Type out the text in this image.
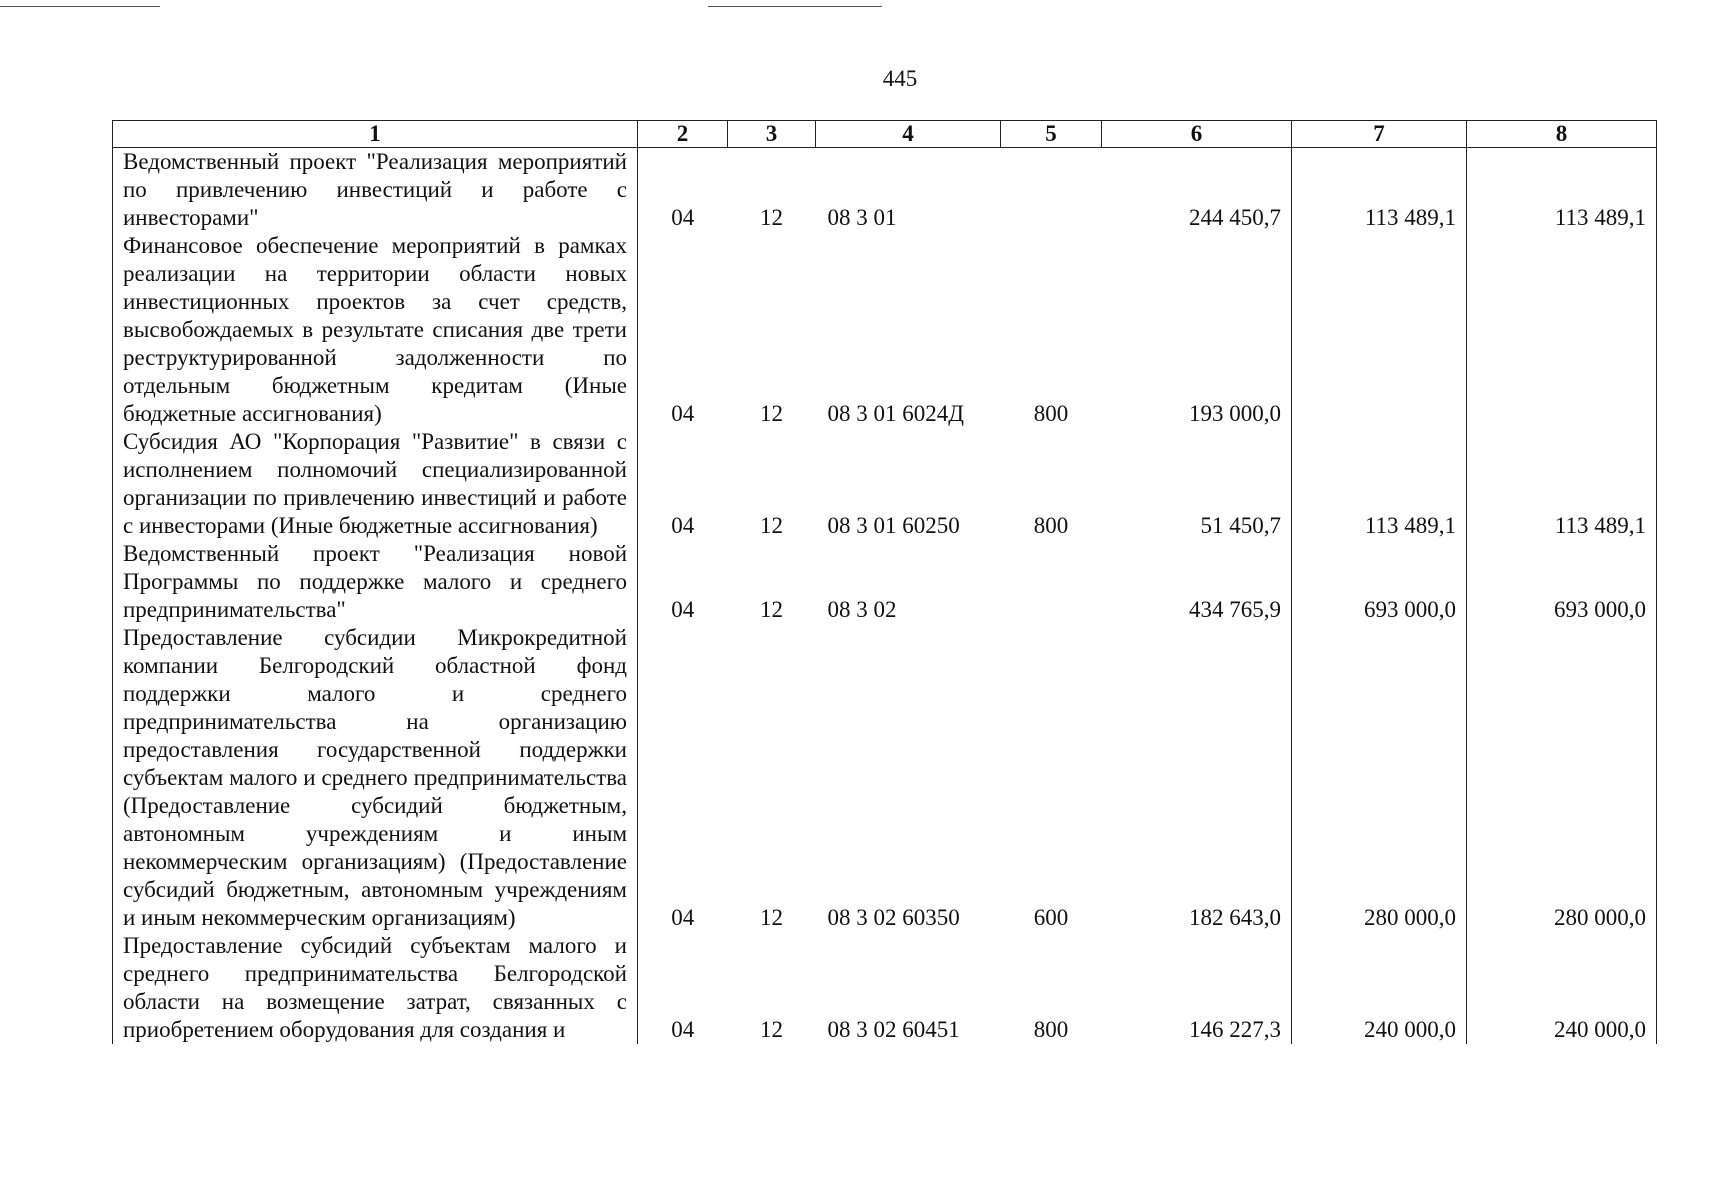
445
1	2	3	4	5	6	7	8
Ведомственный проект "Реализация мероприятий по привлечению инвестиций и работе с инвесторами"	04	12	08 3 01		244 450,7	113 489,1	113 489,1
Финансовое обеспечение мероприятий в рамках реализации на территории области новых инвестиционных проектов за счет средств, высвобождаемых в результате списания две трети реструктурированной задолженности по отдельным бюджетным кредитам (Иные бюджетные ассигнования)	04	12	08 3 01 6024Д	800	193 000,0		
Субсидия АО "Корпорация "Развитие" в связи с исполнением полномочий специализированной организации по привлечению инвестиций и работе с инвесторами (Иные бюджетные ассигнования)	04	12	08 3 01 60250	800	51 450,7	113 489,1	113 489,1
Ведомственный проект "Реализация новой Программы по поддержке малого и среднего предпринимательства"	04	12	08 3 02		434 765,9	693 000,0	693 000,0
Предоставление субсидии Микрокредитной компании Белгородский областной фонд поддержки малого и среднего предпринимательства на организацию предоставления государственной поддержки субъектам малого и среднего предпринимательства (Предоставление субсидий бюджетным, автономным учреждениям и иным некоммерческим организациям) (Предоставление субсидий бюджетным, автономным учреждениям и иным некоммерческим организациям)	04	12	08 3 02 60350	600	182 643,0	280 000,0	280 000,0
Предоставление субсидий субъектам малого и среднего предпринимательства Белгородской области на возмещение затрат, связанных с приобретением оборудования для создания и	04	12	08 3 02 60451	800	146 227,3	240 000,0	240 000,0
